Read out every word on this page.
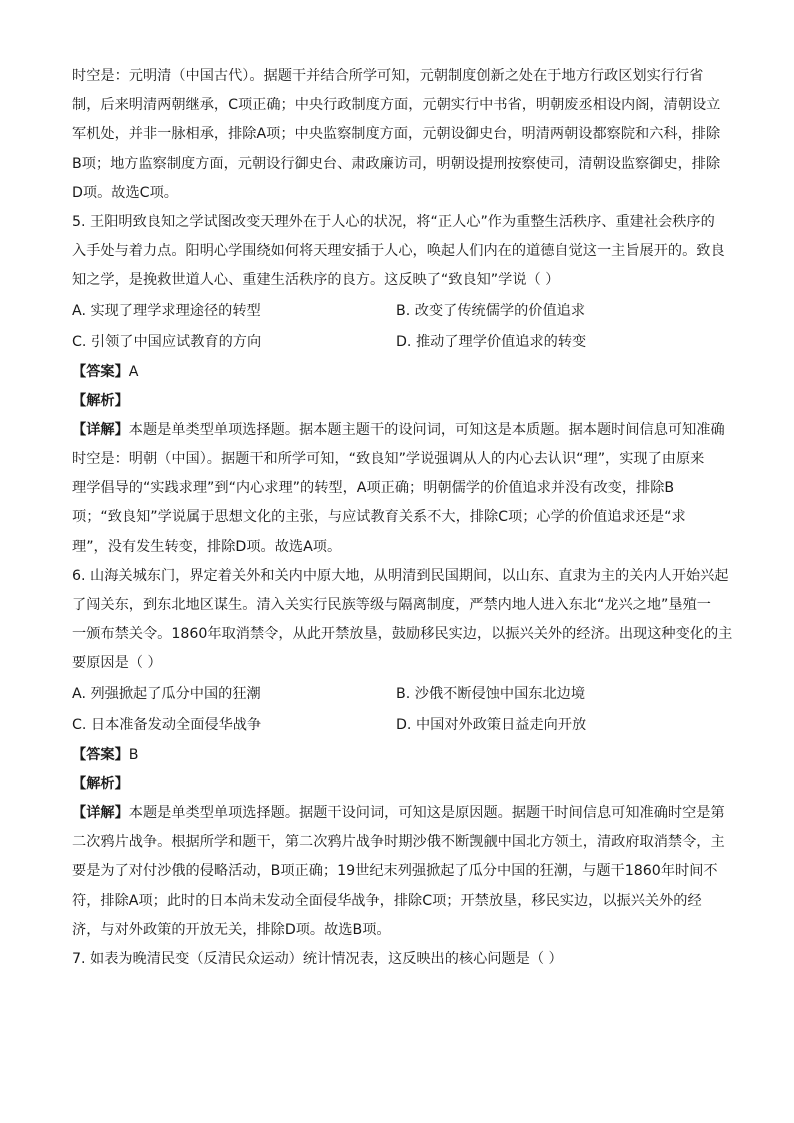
时空是：元明清（中国古代）。据题干并结合所学可知，元朝制度创新之处在于地方行政区划实行行省
制，后来明清两朝继承，C项正确；中央行政制度方面，元朝实行中书省，明朝废丞相设内阁，清朝设立
军机处，并非一脉相承，排除A项；中央监察制度方面，元朝设御史台，明清两朝设都察院和六科，排除
B项；地方监察制度方面，元朝设行御史台、肃政廉访司，明朝设提刑按察使司，清朝设监察御史，排除
D项。故选C项。
5. 王阳明致良知之学试图改变天理外在于人心的状况，将“正人心”作为重整生活秩序、重建社会秩序的
入手处与着力点。阳明心学围绕如何将天理安插于人心，唤起人们内在的道德自觉这一主旨展开的。致良
知之学，是挽救世道人心、重建生活秩序的良方。这反映了“致良知”学说（ ）
A. 实现了理学求理途径的转型	B. 改变了传统儒学的价值追求
C. 引领了中国应试教育的方向	D. 推动了理学价值追求的转变
【答案】A
【解析】
【详解】本题是单类型单项选择题。据本题主题干的设问词，可知这是本质题。据本题时间信息可知准确
时空是：明朝（中国）。据题干和所学可知，“致良知”学说强调从人的内心去认识“理”，实现了由原来
理学倡导的“实践求理”到“内心求理”的转型，A项正确；明朝儒学的价值追求并没有改变，排除B
项；“致良知”学说属于思想文化的主张，与应试教育关系不大，排除C项；心学的价值追求还是“求
理”，没有发生转变，排除D项。故选A项。
6. 山海关城东门，界定着关外和关内中原大地，从明清到民国期间，以山东、直隶为主的关内人开始兴起
了闯关东，到东北地区谋生。清入关实行民族等级与隔离制度，严禁内地人进入东北“龙兴之地”垦殖一
一颁布禁关令。1860年取消禁令，从此开禁放垦，鼓励移民实边，以振兴关外的经济。出现这种变化的主
要原因是（ ）
A. 列强掀起了瓜分中国的狂潮	B. 沙俄不断侵蚀中国东北边境
C. 日本准备发动全面侵华战争	D. 中国对外政策日益走向开放
【答案】B
【解析】
【详解】本题是单类型单项选择题。据题干设问词，可知这是原因题。据题干时间信息可知准确时空是第
二次鸦片战争。根据所学和题干，第二次鸦片战争时期沙俄不断觊觎中国北方领土，清政府取消禁令，主
要是为了对付沙俄的侵略活动，B项正确；19世纪末列强掀起了瓜分中国的狂潮，与题干1860年时间不
符，排除A项；此时的日本尚未发动全面侵华战争，排除C项；开禁放垦，移民实边，以振兴关外的经
济，与对外政策的开放无关，排除D项。故选B项。
7. 如表为晚清民变（反清民众运动）统计情况表，这反映出的核心问题是（ ）
